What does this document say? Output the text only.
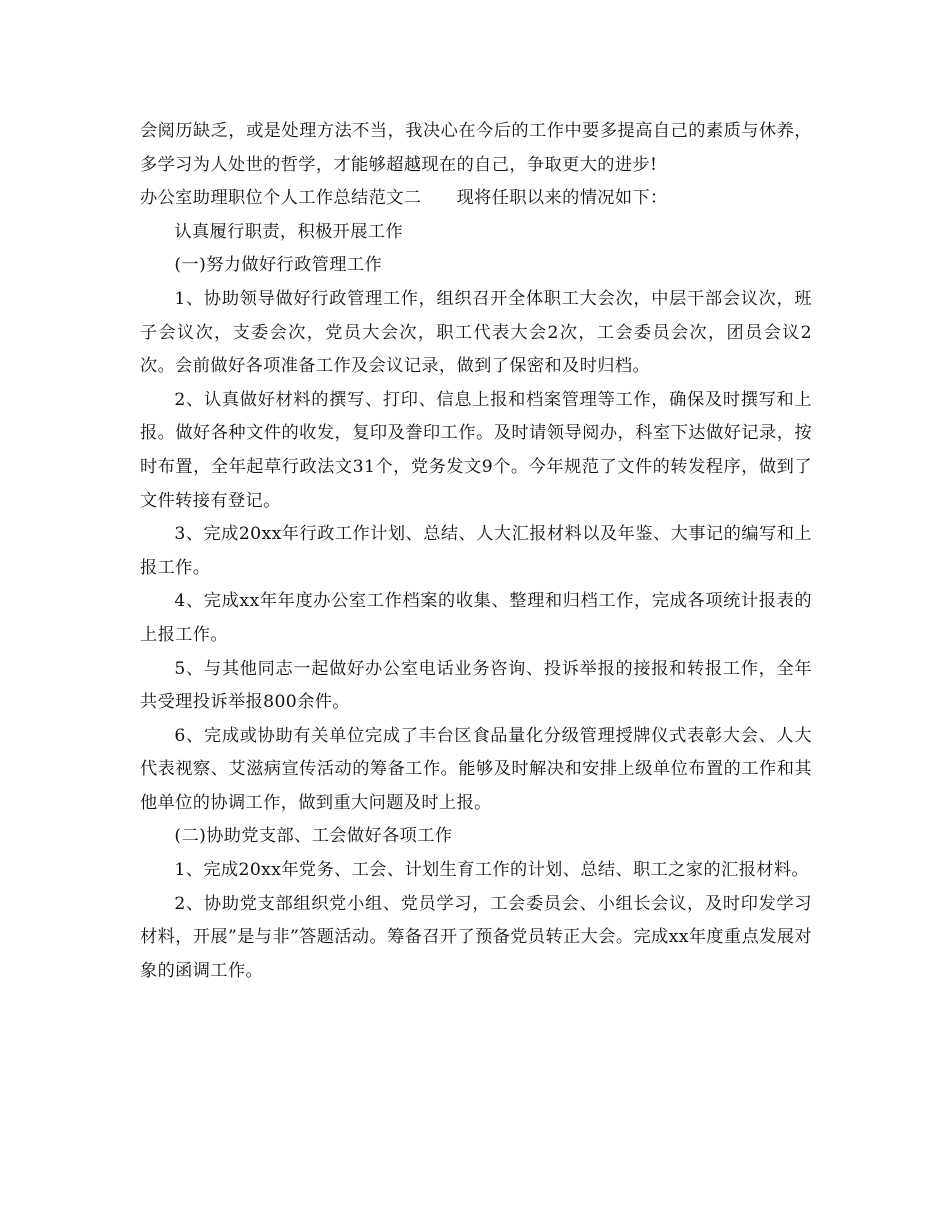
会阅历缺乏，或是处理方法不当，我决心在今后的工作中要多提高自己的素质与休养，多学习为人处世的哲学，才能够超越现在的自己，争取更大的进步!

办公室助理职位个人工作总结范文二　　现将任职以来的情况如下：

认真履行职责，积极开展工作

(一)努力做好行政管理工作

1、协助领导做好行政管理工作，组织召开全体职工大会次，中层干部会议次，班子会议次，支委会次，党员大会次，职工代表大会2次，工会委员会次，团员会议2次。会前做好各项准备工作及会议记录，做到了保密和及时归档。

2、认真做好材料的撰写、打印、信息上报和档案管理等工作，确保及时撰写和上报。做好各种文件的收发，复印及誊印工作。及时请领导阅办，科室下达做好记录，按时布置，全年起草行政法文31个，党务发文9个。今年规范了文件的转发程序，做到了文件转接有登记。

3、完成20xx年行政工作计划、总结、人大汇报材料以及年鉴、大事记的编写和上报工作。

4、完成xx年年度办公室工作档案的收集、整理和归档工作，完成各项统计报表的上报工作。

5、与其他同志一起做好办公室电话业务咨询、投诉举报的接报和转报工作，全年共受理投诉举报800余件。

6、完成或协助有关单位完成了丰台区食品量化分级管理授牌仪式表彰大会、人大代表视察、艾滋病宣传活动的筹备工作。能够及时解决和安排上级单位布置的工作和其他单位的协调工作，做到重大问题及时上报。

(二)协助党支部、工会做好各项工作

1、完成20xx年党务、工会、计划生育工作的计划、总结、职工之家的汇报材料。

2、协助党支部组织党小组、党员学习，工会委员会、小组长会议，及时印发学习材料，开展”是与非”答题活动。筹备召开了预备党员转正大会。完成xx年度重点发展对象的函调工作。
